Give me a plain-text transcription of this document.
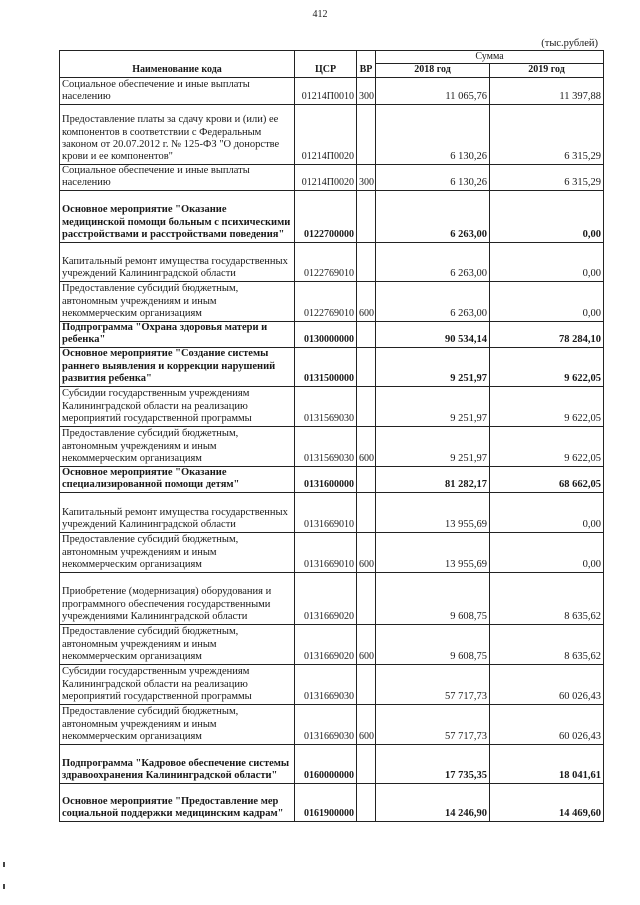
412
(тыс.рублей)
Наименование кода	ЦСР	ВР	Сумма	
			2018 год	2019 год
Социальное обеспечение и иные выплаты населению	01214П0010	300	11 065,76	11 397,88
Предоставление платы за сдачу крови и (или) ее компонентов в соответствии с Федеральным законом от 20.07.2012 г. № 125-ФЗ "О донорстве крови и ее компонентов"	01214П0020		6 130,26	6 315,29
Социальное обеспечение и иные выплаты населению	01214П0020	300	6 130,26	6 315,29
Основное мероприятие "Оказание медицинской помощи больным с психическими расстройствами и расстройствами поведения"	0122700000		6 263,00	0,00
Капитальный ремонт имущества государственных учреждений Калининградской области	0122769010		6 263,00	0,00
Предоставление субсидий бюджетным, автономным учреждениям и иным некоммерческим организациям	0122769010	600	6 263,00	0,00
Подпрограмма "Охрана здоровья матери и ребенка"	0130000000		90 534,14	78 284,10
Основное мероприятие "Создание системы раннего выявления и коррекции нарушений развития ребенка"	0131500000		9 251,97	9 622,05
Субсидии государственным учреждениям Калининградской области на реализацию мероприятий государственной программы	0131569030		9 251,97	9 622,05
Предоставление субсидий бюджетным, автономным учреждениям и иным некоммерческим организациям	0131569030	600	9 251,97	9 622,05
Основное мероприятие "Оказание специализированной помощи детям"	0131600000		81 282,17	68 662,05
Капитальный ремонт имущества государственных учреждений Калининградской области	0131669010		13 955,69	0,00
Предоставление субсидий бюджетным, автономным учреждениям и иным некоммерческим организациям	0131669010	600	13 955,69	0,00
Приобретение (модернизация) оборудования и программного обеспечения государственными учреждениями Калининградской области	0131669020		9 608,75	8 635,62
Предоставление субсидий бюджетным, автономным учреждениям и иным некоммерческим организациям	0131669020	600	9 608,75	8 635,62
Субсидии государственным учреждениям Калининградской области на реализацию мероприятий государственной программы	0131669030		57 717,73	60 026,43
Предоставление субсидий бюджетным, автономным учреждениям и иным некоммерческим организациям	0131669030	600	57 717,73	60 026,43
Подпрограмма "Кадровое обеспечение системы здравоохранения Калининградской области"	0160000000		17 735,35	18 041,61
Основное мероприятие "Предоставление мер социальной поддержки медицинским кадрам"	0161900000		14 246,90	14 469,60
